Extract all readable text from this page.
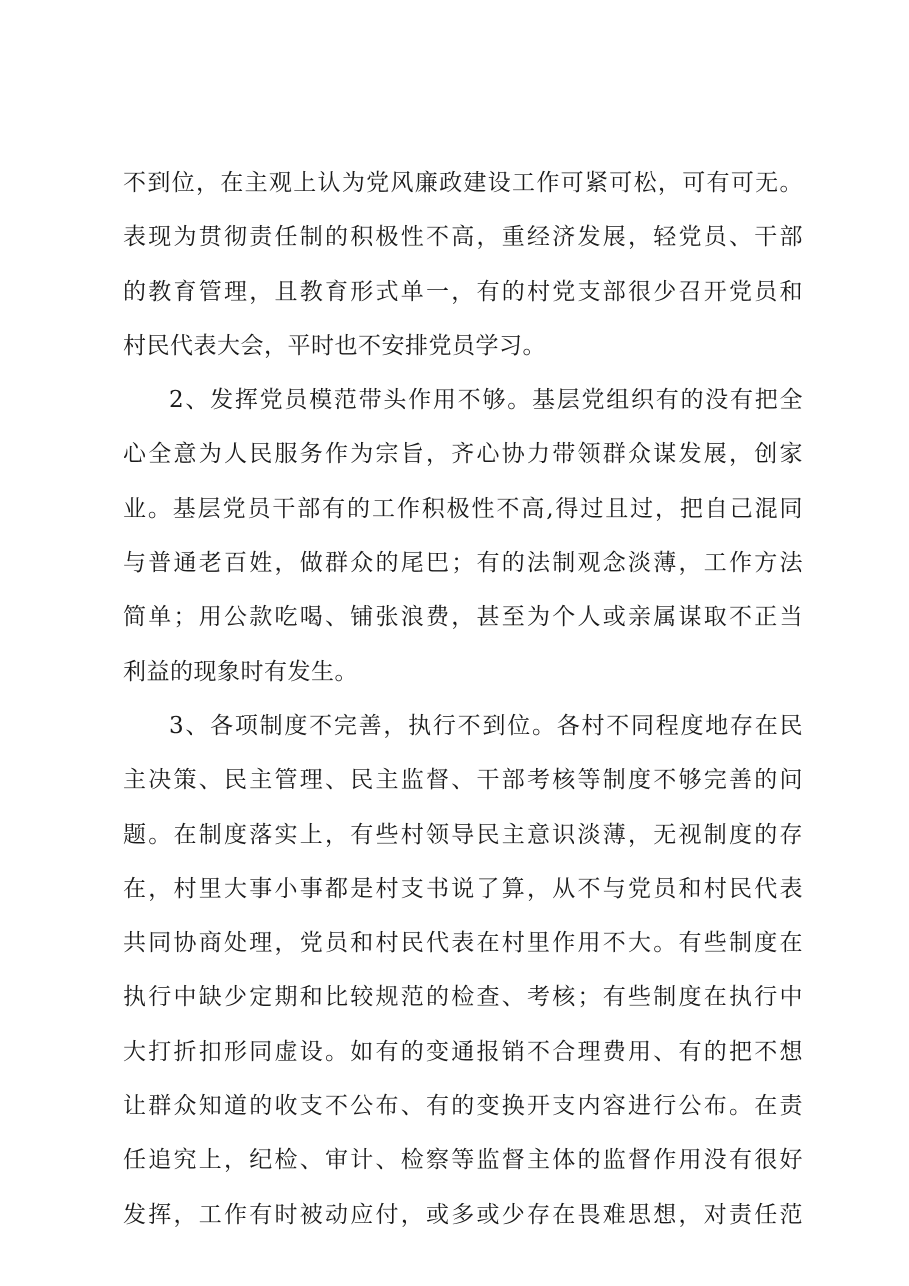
不到位，在主观上认为党风廉政建设工作可紧可松，可有可无。
表现为贯彻责任制的积极性不高，重经济发展，轻党员、干部
的教育管理，且教育形式单一，有的村党支部很少召开党员和
村民代表大会，平时也不安排党员学习。
2、发挥党员模范带头作用不够。基层党组织有的没有把全
心全意为人民服务作为宗旨，齐心协力带领群众谋发展，创家
业。基层党员干部有的工作积极性不高,得过且过，把自己混同
与普通老百姓，做群众的尾巴；有的法制观念淡薄，工作方法
简单；用公款吃喝、铺张浪费，甚至为个人或亲属谋取不正当
利益的现象时有发生。
3、各项制度不完善，执行不到位。各村不同程度地存在民
主决策、民主管理、民主监督、干部考核等制度不够完善的问
题。在制度落实上，有些村领导民主意识淡薄，无视制度的存
在，村里大事小事都是村支书说了算，从不与党员和村民代表
共同协商处理，党员和村民代表在村里作用不大。有些制度在
执行中缺少定期和比较规范的检查、考核；有些制度在执行中
大打折扣形同虚设。如有的变通报销不合理费用、有的把不想
让群众知道的收支不公布、有的变换开支内容进行公布。在责
任追究上，纪检、审计、检察等监督主体的监督作用没有很好
发挥，工作有时被动应付，或多或少存在畏难思想，对责任范
